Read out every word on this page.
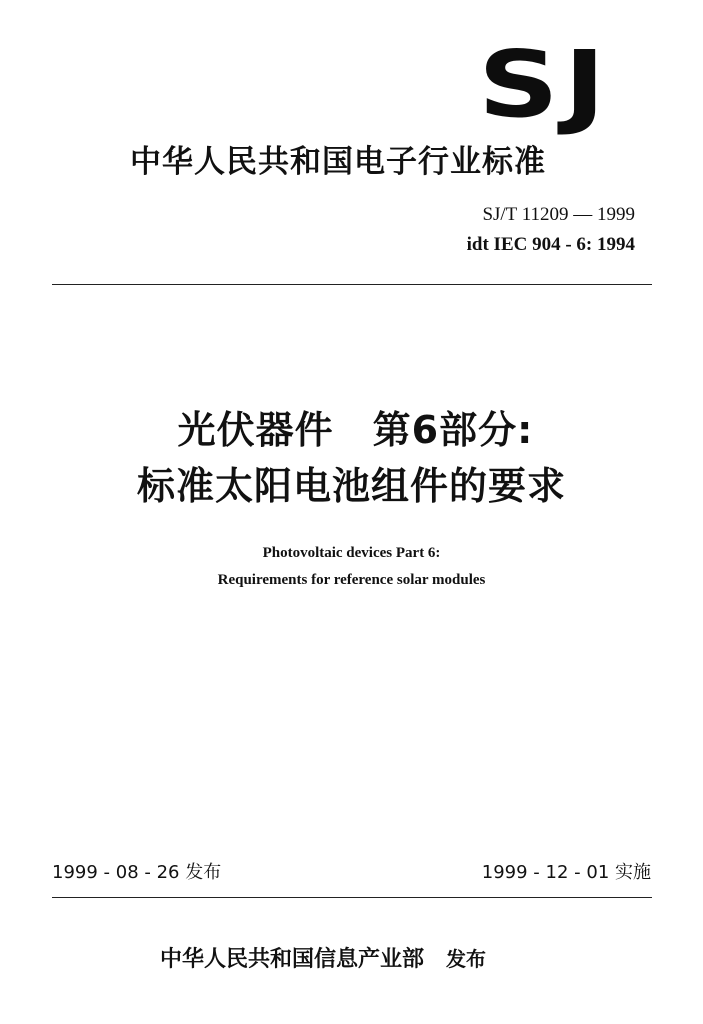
SJ
中华人民共和国电子行业标准
SJ/T 11209 — 1999
idt IEC 904 - 6: 1994
光伏器件　第6部分:
标准太阳电池组件的要求
Photovoltaic devices Part 6:
Requirements for reference solar modules
1999 - 08 - 26 发布	1999 - 12 - 01 实施
中华人民共和国信息产业部 发布
